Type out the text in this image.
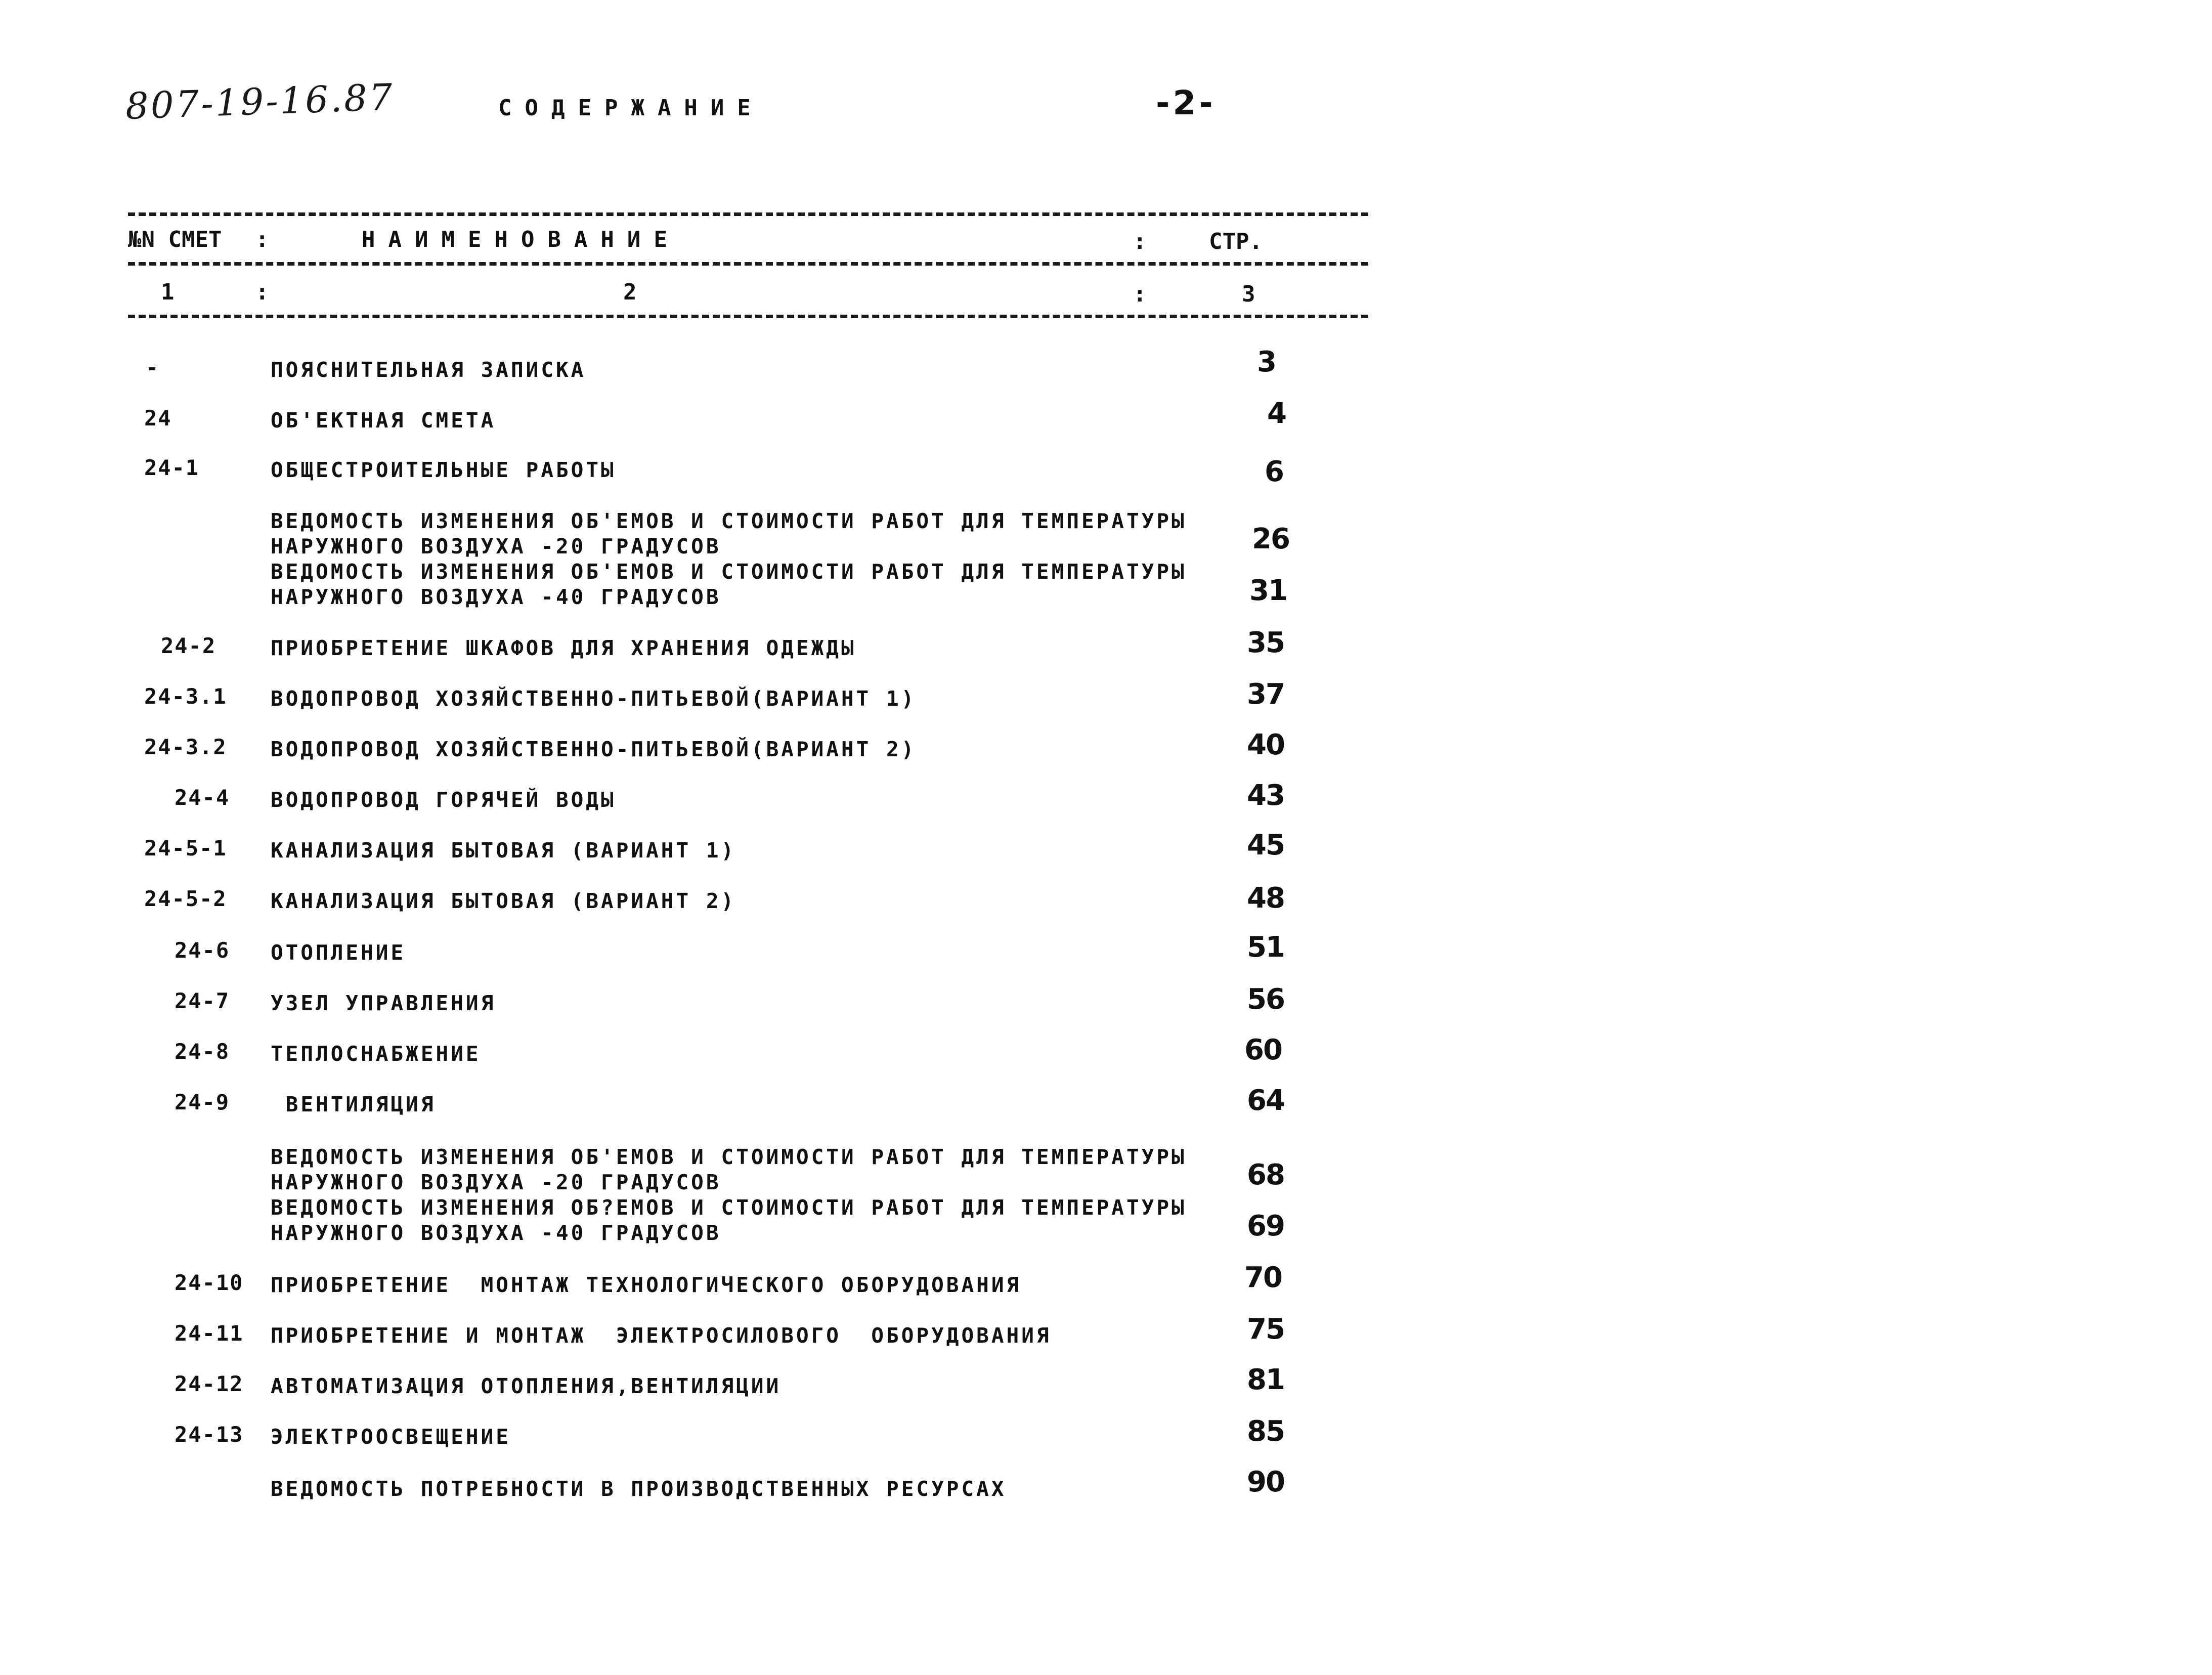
807-19-16.87	СОДЕРЖАНИЕ	-2-
№N СМЕТ :	НАИМЕНОВАНИЕ	:	СТР.
1	:	2	:	3
-	ПОЯСНИТЕЛЬНАЯ ЗАПИСКА	3
24	ОБ'ЕКТНАЯ СМЕТА	4
24-1	ОБЩЕСТРОИТЕЛЬНЫЕ РАБОТЫ	6
ВЕДОМОСТЬ ИЗМЕНЕНИЯ ОБ'ЕМОВ И СТОИМОСТИ РАБОТ ДЛЯ ТЕМПЕРАТУРЫ
НАРУЖНОГО ВОЗДУХА -20 ГРАДУСОВ	26
ВЕДОМОСТЬ ИЗМЕНЕНИЯ ОБ'ЕМОВ И СТОИМОСТИ РАБОТ ДЛЯ ТЕМПЕРАТУРЫ
НАРУЖНОГО ВОЗДУХА -40 ГРАДУСОВ	31
24-2	ПРИОБРЕТЕНИЕ ШКАФОВ ДЛЯ ХРАНЕНИЯ ОДЕЖДЫ	35
24-3.1 ВОДОПРОВОД ХОЗЯЙСТВЕННО-ПИТЬЕВОЙ(ВАРИАНТ 1)	37
24-3.2 ВОДОПРОВОД ХОЗЯЙСТВЕННО-ПИТЬЕВОЙ(ВАРИАНТ 2)	40
24-4 ВОДОПРОВОД ГОРЯЧЕЙ ВОДЫ	43
24-5-1 КАНАЛИЗАЦИЯ БЫТОВАЯ (ВАРИАНТ 1)	45
24-5-2 КАНАЛИЗАЦИЯ БЫТОВАЯ (ВАРИАНТ 2)	48
24-6 ОТОПЛЕНИЕ	51
24-7 УЗЕЛ УПРАВЛЕНИЯ	56
24-8 ТЕПЛОСНАБЖЕНИЕ	60
24-9 ВЕНТИЛЯЦИЯ	64
ВЕДОМОСТЬ ИЗМЕНЕНИЯ ОБ'ЕМОВ И СТОИМОСТИ РАБОТ ДЛЯ ТЕМПЕРАТУРЫ
НАРУЖНОГО ВОЗДУХА -20 ГРАДУСОВ	68
ВЕДОМОСТЬ ИЗМЕНЕНИЯ ОБ?ЕМОВ И СТОИМОСТИ РАБОТ ДЛЯ ТЕМПЕРАТУРЫ
НАРУЖНОГО ВОЗДУХА -40 ГРАДУСОВ	69
24-10 ПРИОБРЕТЕНИЕ  МОНТАЖ ТЕХНОЛОГИЧЕСКОГО ОБОРУДОВАНИЯ	70
24-11 ПРИОБРЕТЕНИЕ И МОНТАЖ  ЭЛЕКТРОСИЛОВОГО  ОБОРУДОВАНИЯ	75
24-12 АВТОМАТИЗАЦИЯ ОТОПЛЕНИЯ,ВЕНТИЛЯЦИИ	81
24-13 ЭЛЕКТРООСВЕЩЕНИЕ	85
ВЕДОМОСТЬ ПОТРЕБНОСТИ В ПРОИЗВОДСТВЕННЫХ РЕСУРСАХ	90
